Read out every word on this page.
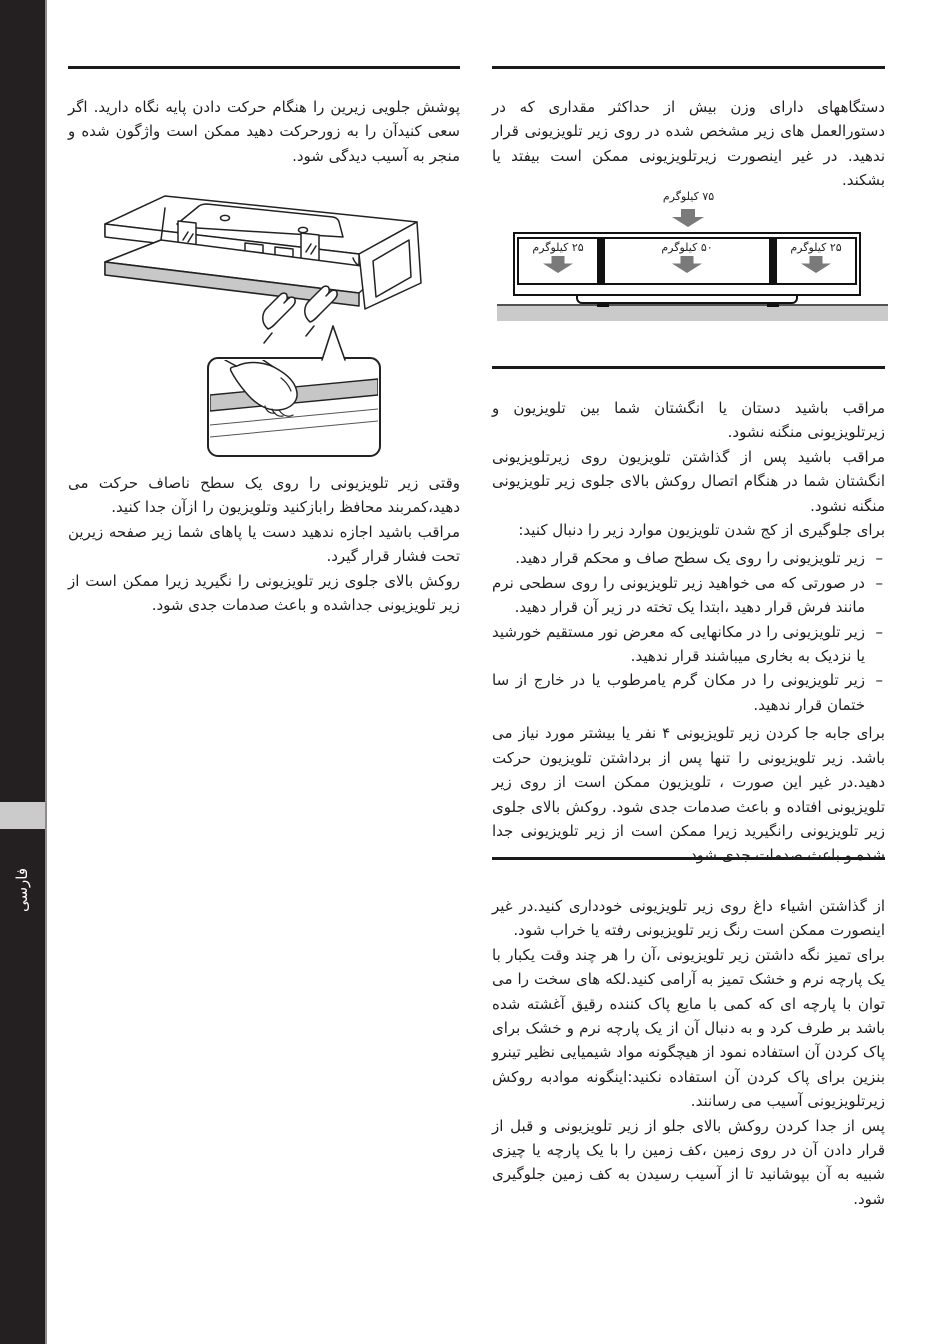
فارسی

پوشش جلویی زیرین را هنگام حرکت دادن پایه نگاه دارید. اگر سعی کنیدآن را به زورحرکت دهید ممکن است واژگون شده و منجر به آسیب دیدگی شود.

وقتی زیر تلویزیونی را روی یک سطح ناصاف حرکت می دهید،کمربند محافظ رابازکنید وتلویزیون را ازآن جدا کنید.

مراقب باشید اجازه ندهید دست یا پاهای شما زیر صفحه زیرین تحت فشار قرار گیرد.

روکش بالای جلوی زیر تلویزیونی را نگیرید زیرا ممکن است از زیر تلویزیونی جداشده و باعث صدمات جدی شود.

دستگاههای دارای وزن بیش از حداکثر مقداری که در دستورالعمل های زیر مشخص شده در روی زیر تلویزیونی قرار ندهید. در غیر اینصورت زیرتلویزیونی ممکن است بیفتد یا بشکند.

۷۵ کیلوگرم
۲۵ کیلوگرم	۵۰ کیلوگرم	۲۵ کیلوگرم

مراقب باشید دستان یا انگشتان شما بین تلویزیون و زیرتلویزیونی منگنه نشود.

مراقب باشید پس از گذاشتن تلویزیون روی زیرتلویزیونی انگشتان شما در هنگام اتصال روکش بالای جلوی زیر تلویزیونی منگنه نشود.

برای جلوگیری از کج شدن تلویزیون موارد زیر را دنبال کنید:

–
زیر تلویزیونی را روی یک سطح صاف و محکم قرار دهید.
–
در صورتی که می خواهید زیر تلویزیونی را روی سطحی نرم مانند فرش قرار دهید ،ابتدا یک تخته در زیر آن قرار دهید.
–
زیر تلویزیونی را در مکانهایی که معرض نور مستقیم خورشید یا نزدیک به بخاری میباشند قرار ندهید.
–
زیر تلویزیونی را در مکان گرم یامرطوب یا در خارج از سا ختمان قرار ندهید.

برای جابه جا کردن زیر تلویزیونی ۴ نفر یا بیشتر مورد نیاز می باشد. زیر تلویزیونی را تنها پس از برداشتن تلویزیون حرکت دهید.در غیر این صورت ، تلویزیون ممکن است از روی زیر تلویزیونی افتاده و باعث صدمات جدی شود. روکش بالای جلوی زیر تلویزیونی رانگیرید زیرا ممکن است از زیر تلویزیونی جدا شده و باعث صدمات جدی شود.

از گذاشتن اشیاء داغ روی زیر تلویزیونی خودداری کنید.در غیر اینصورت ممکن است رنگ زیر تلویزیونی رفته یا خراب شود.

برای تمیز نگه داشتن زیر تلویزیونی ،آن را هر چند وقت یکبار با یک پارچه نرم و خشک تمیز به آرامی کنید.لکه های سخت را می توان با پارچه ای که کمی با مایع پاک کننده رقیق آغشته شده باشد بر طرف کرد و به دنبال آن از یک پارچه نرم و خشک برای پاک کردن آن استفاده نمود از هیچگونه مواد شیمیایی نظیر تینرو بنزین برای پاک کردن آن استفاده نکنید:اینگونه موادبه روکش زیرتلویزیونی آسیب می رسانند.

پس از جدا کردن روکش بالای جلو از زیر تلویزیونی و قبل از قرار دادن آن در روی زمین ،کف زمین را با یک پارچه یا چیزی شبیه به آن بپوشانید تا از آسیب رسیدن به کف زمین جلوگیری شود.
